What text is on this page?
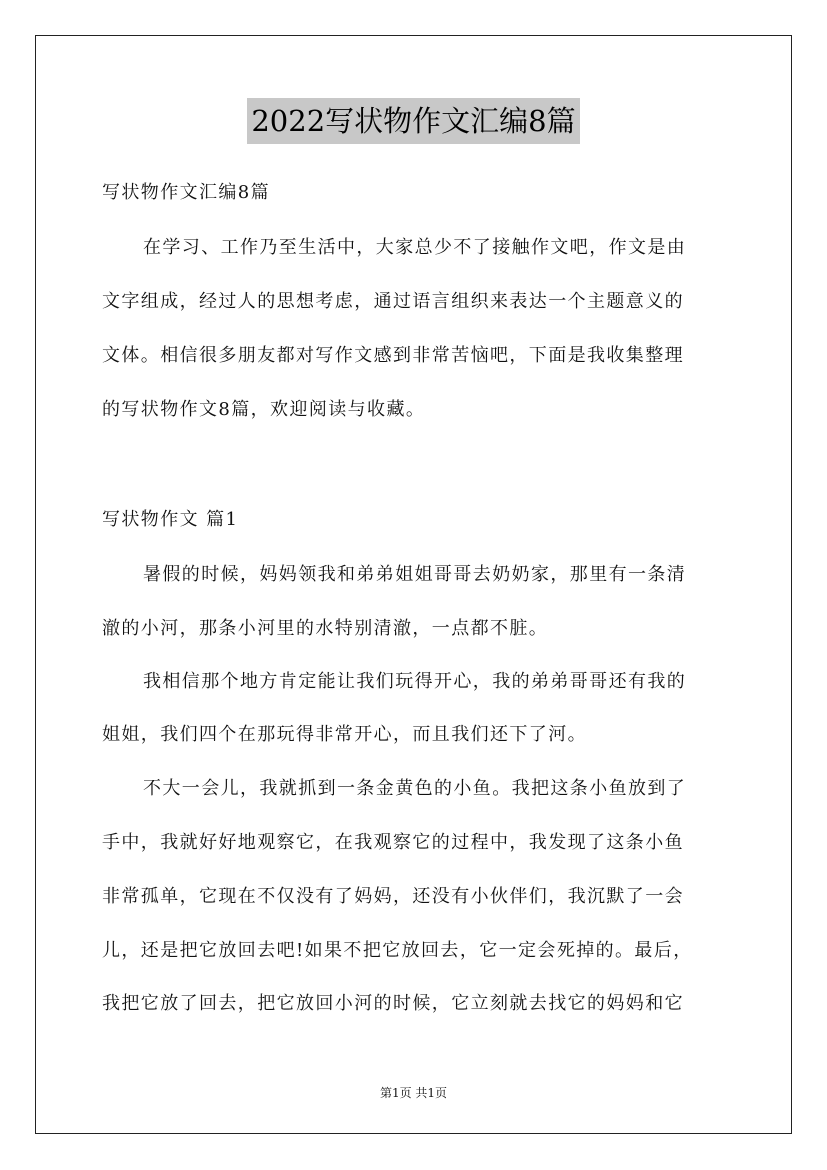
2022写状物作文汇编8篇
写状物作文汇编8篇
在学习、工作乃至生活中，大家总少不了接触作文吧，作文是由
文字组成，经过人的思想考虑，通过语言组织来表达一个主题意义的
文体。相信很多朋友都对写作文感到非常苦恼吧，下面是我收集整理
的写状物作文8篇，欢迎阅读与收藏。
写状物作文 篇1
暑假的时候，妈妈领我和弟弟姐姐哥哥去奶奶家，那里有一条清
澈的小河，那条小河里的水特别清澈，一点都不脏。
我相信那个地方肯定能让我们玩得开心，我的弟弟哥哥还有我的
姐姐，我们四个在那玩得非常开心，而且我们还下了河。
不大一会儿，我就抓到一条金黄色的小鱼。我把这条小鱼放到了
手中，我就好好地观察它，在我观察它的过程中，我发现了这条小鱼
非常孤单，它现在不仅没有了妈妈，还没有小伙伴们，我沉默了一会
儿，还是把它放回去吧!如果不把它放回去，它一定会死掉的。最后，
我把它放了回去，把它放回小河的时候，它立刻就去找它的妈妈和它
第1页 共1页
